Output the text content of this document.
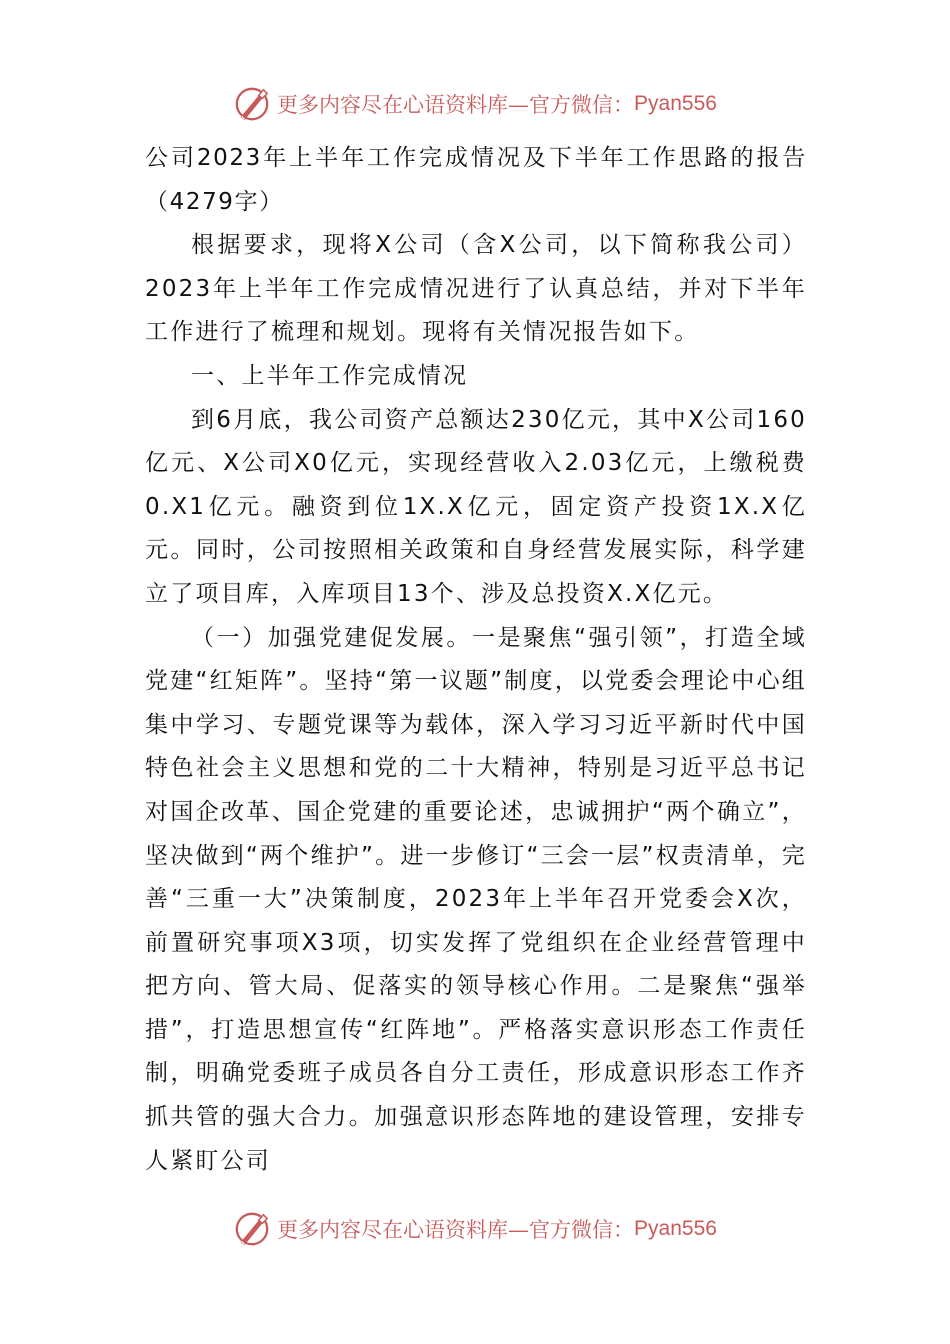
更多内容尽在心语资料库—官方微信： Pyan556

公司2023年上半年工作完成情况及下半年工作思路的报告（4279字）

根据要求，现将X公司（含X公司，以下简称我公司）2023年上半年工作完成情况进行了认真总结，并对下半年工作进行了梳理和规划。现将有关情况报告如下。

一、上半年工作完成情况

到6月底，我公司资产总额达230亿元，其中X公司160亿元、X公司X0亿元，实现经营收入2.03亿元，上缴税费0.X1亿元。融资到位1X.X亿元，固定资产投资1X.X亿元。同时，公司按照相关政策和自身经营发展实际，科学建立了项目库，入库项目13个、涉及总投资X.X亿元。

（一）加强党建促发展。一是聚焦“强引领”，打造全域党建“红矩阵”。坚持“第一议题”制度，以党委会理论中心组集中学习、专题党课等为载体，深入学习习近平新时代中国特色社会主义思想和党的二十大精神，特别是习近平总书记对国企改革、国企党建的重要论述，忠诚拥护“两个确立”，坚决做到“两个维护”。进一步修订“三会一层”权责清单，完善“三重一大”决策制度，2023年上半年召开党委会X次，前置研究事项X3项，切实发挥了党组织在企业经营管理中把方向、管大局、促落实的领导核心作用。二是聚焦“强举措”，打造思想宣传“红阵地”。严格落实意识形态工作责任制，明确党委班子成员各自分工责任，形成意识形态工作齐抓共管的强大合力。加强意识形态阵地的建设管理，安排专人紧盯公司

更多内容尽在心语资料库—官方微信： Pyan556
